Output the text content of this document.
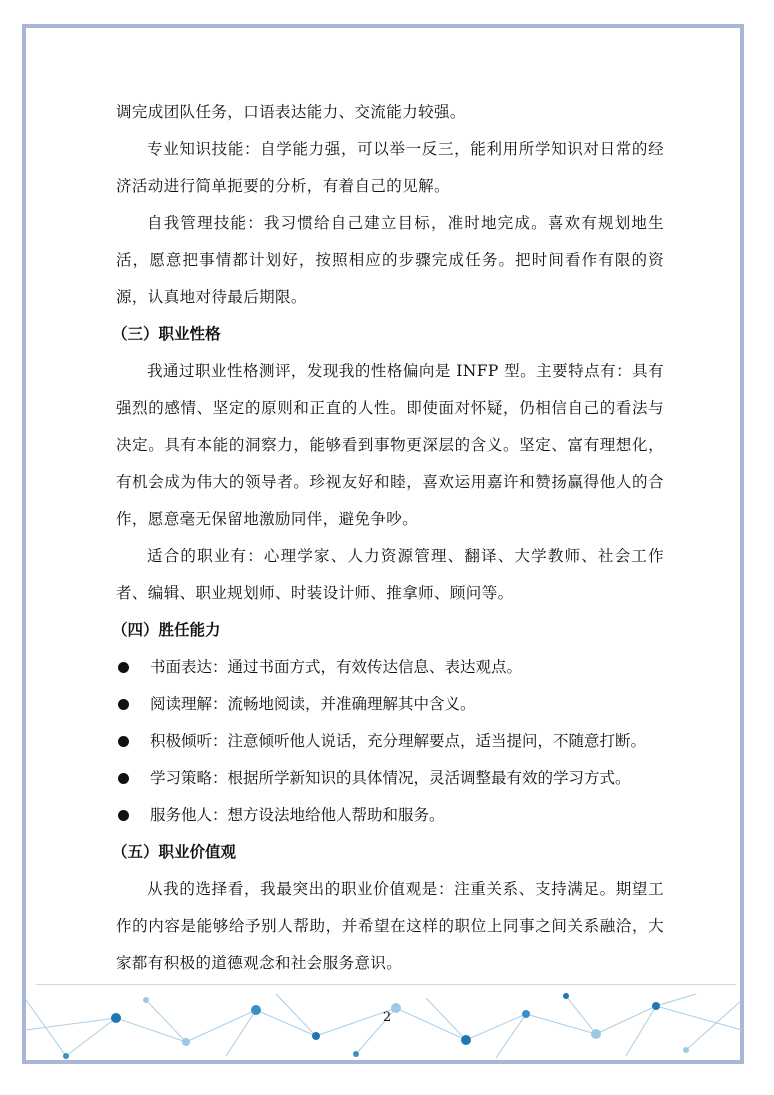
调完成团队任务，口语表达能力、交流能力较强。

专业知识技能：自学能力强，可以举一反三，能利用所学知识对日常的经济活动进行简单扼要的分析，有着自己的见解。

自我管理技能：我习惯给自己建立目标，准时地完成。喜欢有规划地生活，愿意把事情都计划好，按照相应的步骤完成任务。把时间看作有限的资源，认真地对待最后期限。

（三）职业性格

我通过职业性格测评，发现我的性格偏向是 INFP 型。主要特点有：具有强烈的感情、坚定的原则和正直的人性。即使面对怀疑，仍相信自己的看法与决定。具有本能的洞察力，能够看到事物更深层的含义。坚定、富有理想化，有机会成为伟大的领导者。珍视友好和睦，喜欢运用嘉许和赞扬赢得他人的合作，愿意毫无保留地激励同伴，避免争吵。

适合的职业有：心理学家、人力资源管理、翻译、大学教师、社会工作者、编辑、职业规划师、时装设计师、推拿师、顾问等。

（四）胜任能力

书面表达：通过书面方式，有效传达信息、表达观点。

阅读理解：流畅地阅读，并准确理解其中含义。

积极倾听：注意倾听他人说话，充分理解要点，适当提问，不随意打断。

学习策略：根据所学新知识的具体情况，灵活调整最有效的学习方式。

服务他人：想方设法地给他人帮助和服务。

（五）职业价值观

从我的选择看，我最突出的职业价值观是：注重关系、支持满足。期望工作的内容是能够给予别人帮助，并希望在这样的职位上同事之间关系融洽，大家都有积极的道德观念和社会服务意识。

2
